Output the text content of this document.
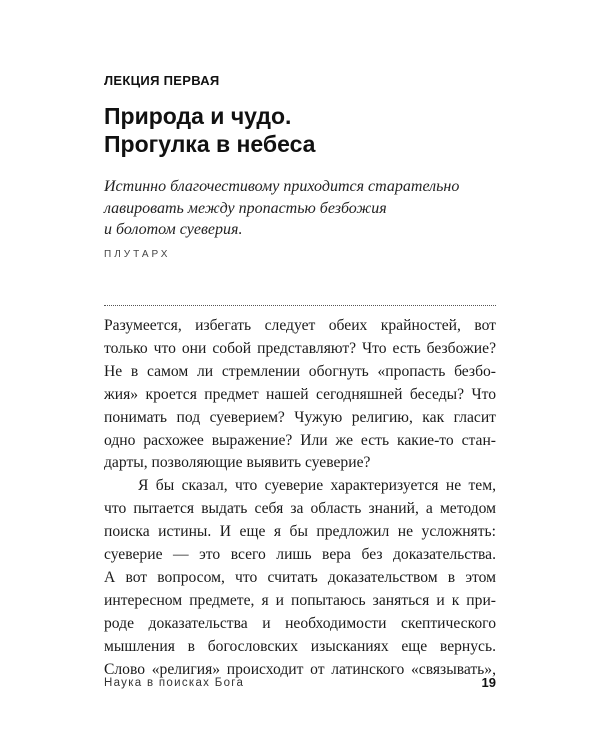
ЛЕКЦИЯ ПЕРВАЯ
Природа и чудо.
Прогулка в небеса
Истинно благочестивому приходится старательно
лавировать между пропастью безбожия
и болотом суеверия.
ПЛУТАРХ
Разумеется, избегать следует обеих крайностей, вот
только что они собой представляют? Что есть безбожие?
Не в самом ли стремлении обогнуть «пропасть безбо-
жия» кроется предмет нашей сегодняшней беседы? Что
понимать под суеверием? Чужую религию, как гласит
одно расхожее выражение? Или же есть какие-то стан-
дарты, позволяющие выявить суеверие?
Я бы сказал, что суеверие характеризуется не тем,
что пытается выдать себя за область знаний, а методом
поиска истины. И еще я бы предложил не усложнять:
суеверие — это всего лишь вера без доказательства.
А вот вопросом, что считать доказательством в этом
интересном предмете, я и попытаюсь заняться и к при-
роде доказательства и необходимости скептического
мышления в богословских изысканиях еще вернусь.
Слово «религия» происходит от латинского «связывать»,
Наука в поисках Бога	19
